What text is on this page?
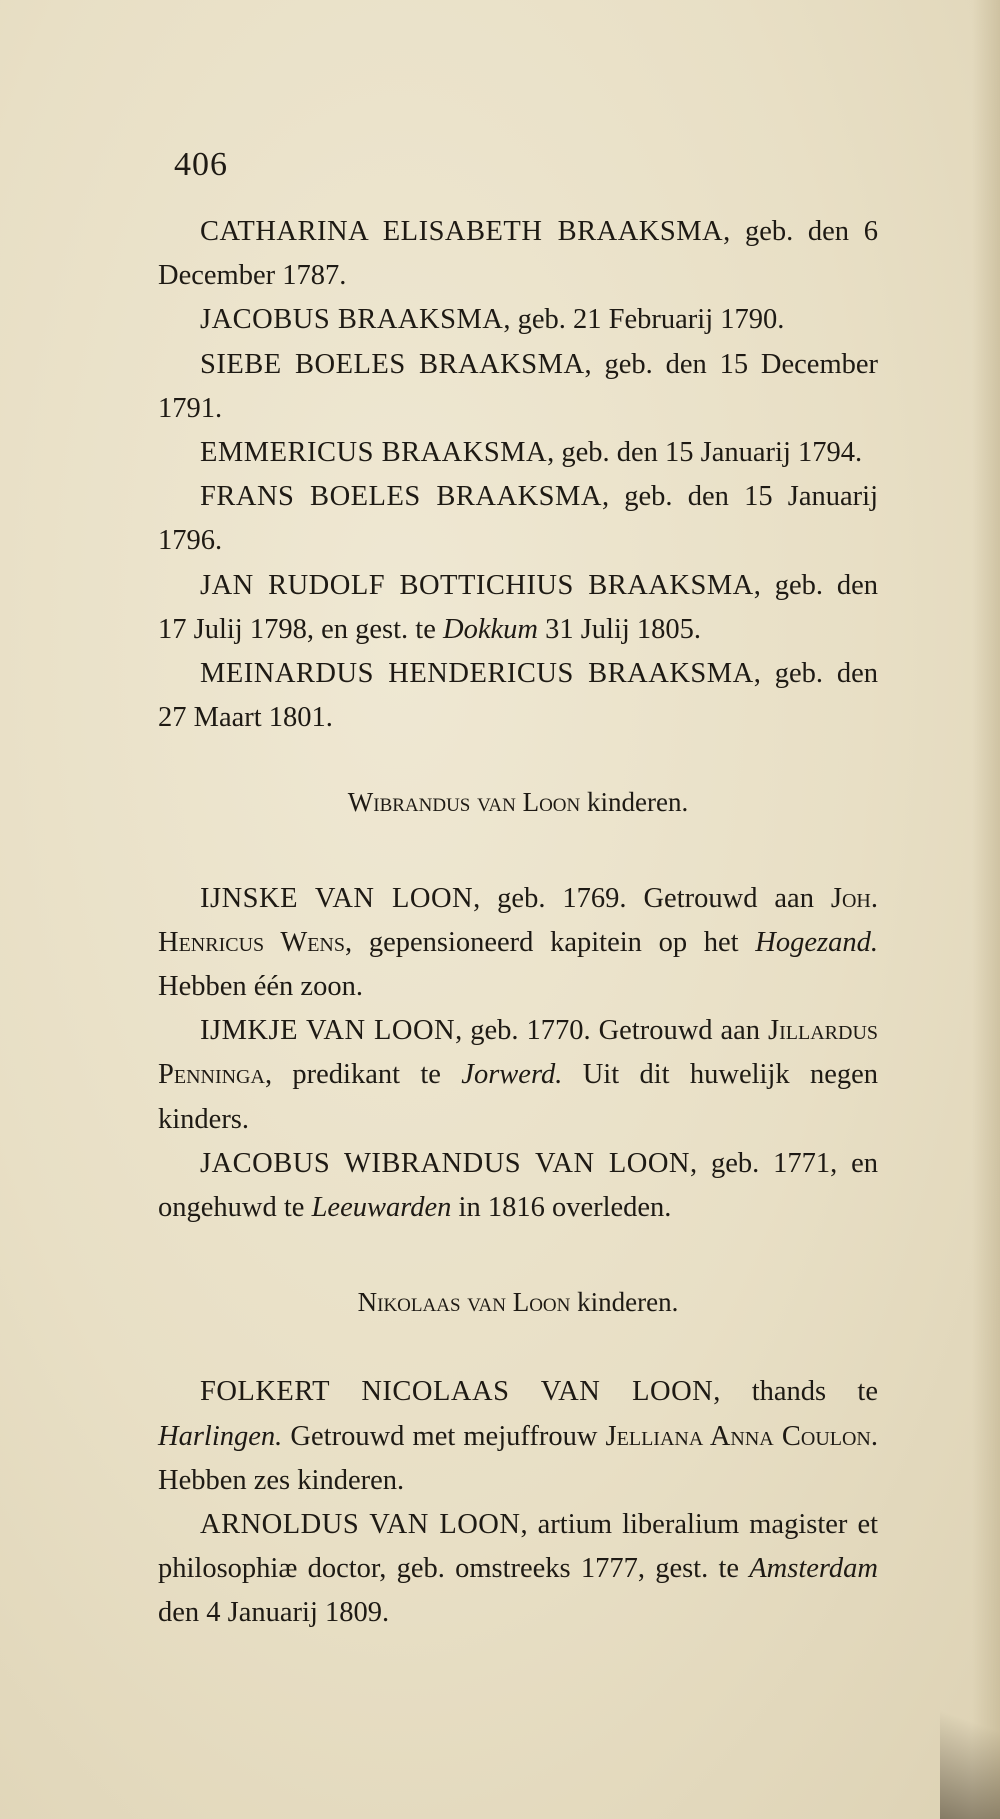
406

CATHARINA ELISABETH BRAAKSMA, geb. den 6 December 1787.

JACOBUS BRAAKSMA, geb. 21 Februarij 1790.

SIEBE BOELES BRAAKSMA, geb. den 15 December 1791.

EMMERICUS BRAAKSMA, geb. den 15 Januarij 1794.

FRANS BOELES BRAAKSMA, geb. den 15 Januarij 1796.

JAN RUDOLF BOTTICHIUS BRAAKSMA, geb. den 17 Julij 1798, en gest. te Dokkum 31 Julij 1805.

MEINARDUS HENDERICUS BRAAKSMA, geb. den 27 Maart 1801.

Wibrandus van Loon kinderen.

IJNSKE VAN LOON, geb. 1769. Getrouwd aan Joh. Henricus Wens, gepensioneerd kapitein op het Hogezand. Hebben één zoon.

IJMKJE VAN LOON, geb. 1770. Getrouwd aan Jillardus Penninga, predikant te Jorwerd. Uit dit huwelijk negen kinders.

JACOBUS WIBRANDUS VAN LOON, geb. 1771, en ongehuwd te Leeuwarden in 1816 overleden.

Nikolaas van Loon kinderen.

FOLKERT NICOLAAS VAN LOON, thands te Harlingen. Getrouwd met mejuffrouw Jelliana Anna Coulon. Hebben zes kinderen.

ARNOLDUS VAN LOON, artium liberalium magister et philosophiæ doctor, geb. omstreeks 1777, gest. te Amsterdam den 4 Januarij 1809.
